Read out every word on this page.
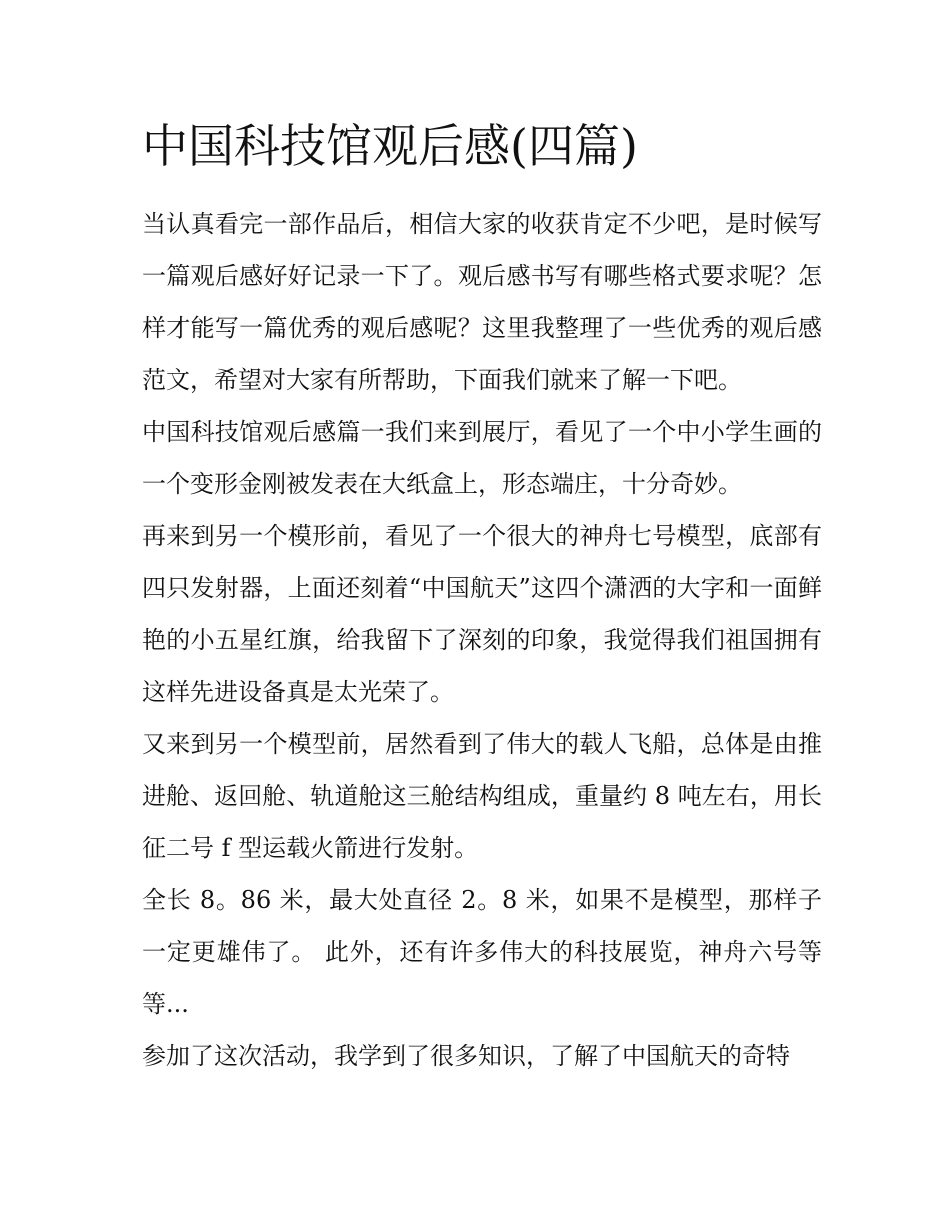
中国科技馆观后感(四篇)

当认真看完一部作品后，相信大家的收获肯定不少吧，是时候写一篇观后感好好记录一下了。观后感书写有哪些格式要求呢？怎样才能写一篇优秀的观后感呢？这里我整理了一些优秀的观后感范文，希望对大家有所帮助，下面我们就来了解一下吧。

中国科技馆观后感篇一我们来到展厅，看见了一个中小学生画的一个变形金刚被发表在大纸盒上，形态端庄，十分奇妙。

再来到另一个模形前，看见了一个很大的神舟七号模型，底部有四只发射器，上面还刻着“中国航天”这四个潇洒的大字和一面鲜艳的小五星红旗，给我留下了深刻的印象，我觉得我们祖国拥有这样先进设备真是太光荣了。

又来到另一个模型前，居然看到了伟大的载人飞船，总体是由推进舱、返回舱、轨道舱这三舱结构组成，重量约 8 吨左右，用长征二号 f 型运载火箭进行发射。

全长 8。86 米，最大处直径 2。8 米，如果不是模型，那样子一定更雄伟了。 此外，还有许多伟大的科技展览，神舟六号等等...

参加了这次活动，我学到了很多知识，了解了中国航天的奇特
